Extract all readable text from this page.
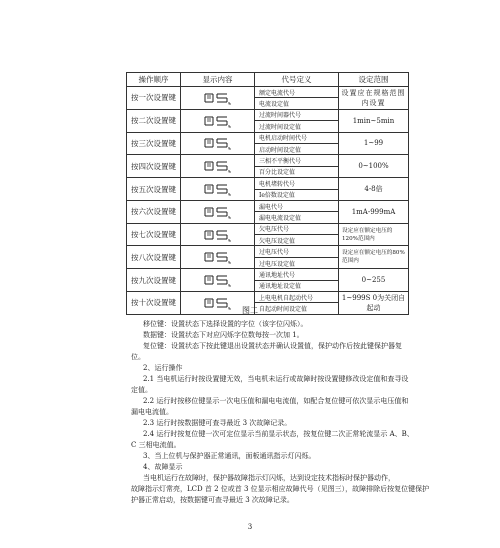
操作顺序	显示内容	代号定义	设定范围
按一次设置键		额定电流代号	设置应在规格范围内设置
		电流设定值	
按二次设置键		过流时间器代号	1min~5min
		过流时间设定值	
按三次设置键		电机启动时间代号	1~99
		启动时间设定值	
按四次设置键		三相不平衡代号	0~100%
		百分比设定值	
按五次设置键		电机堵转代号	4-8倍
		Ie倍数设定值	
按六次设置键		漏电代号	1mA-999mA
		漏电电流设定值	
按七次设置键		欠电压代号	设定应在额定电压的120%范围内
		欠电压设定值	
按八次设置键		过电压代号	设定应在额定电压的80%范围内
		过电压设定值	
按九次设置键		通讯地址代号	0~255
		通讯地址设定值	
按十次设置键		上电电机自起动代号	1~999S 0为关闭自起动
		自起动时间设定值	
图二
移位键：设置状态下选择设置的字位（该字位闪烁）。
数据键：设置状态下对应闪烁字位数每按一次加 1。
复位键：设置状态下按此键退出设置状态并确认设置值，保护动作后按此键保护器复
位。
2、运行操作
2.1 当电机运行时按设置键无效，当电机未运行或故障时按设置键修改设定值和查寻设
定值。
2.2 运行时按移位键显示一次电压值和漏电电流值，如配合复位键可依次显示电压值和
漏电电流值。
2.3 运行时按数据键可查寻最近 3 次故障记录。
2.4 运行时按复位键一次可定位显示当前显示状态，按复位键二次正常轮流显示 A、B、
C 三相电流值。
3、当上位机与保护器正常通讯，面板通讯指示灯闪烁。
4、故障显示
当电机运行在故障时，保护器故障指示灯闪烁，达到设定技术指标时保护器动作，
故障指示灯常亮，LCD 首 2 位或首 3 位显示相应故障代号（见图三），故障排除后按复位键保护
护器正常启动，按数据键可查寻最近 3 次故障记录。
3
